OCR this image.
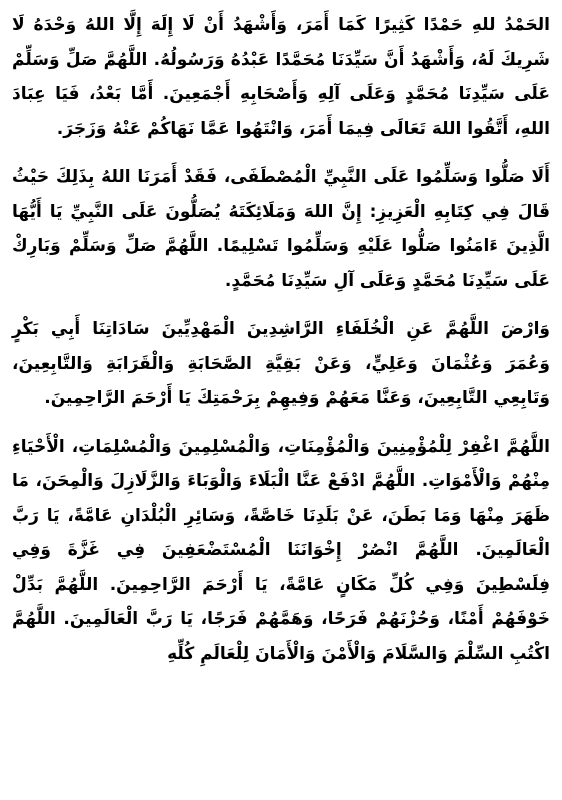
الحَمْدُ للهِ حَمْدًا كَثِيرًا كَمَا أَمَرَ، وَأَشْهَدُ أَنْ لَا إِلَهَ إِلَّا اللهُ وَحْدَهُ لَا شَرِيكَ لَهُ، وَأَشْهَدُ أَنَّ سَيِّدَنَا مُحَمَّدًا عَبْدُهُ وَرَسُولُهُ. اللَّهُمَّ صَلِّ وَسَلِّمْ عَلَى سَيِّدِنَا مُحَمَّدٍ وَعَلَى آلِهِ وَأَصْحَابِهِ أَجْمَعِينَ. أَمَّا بَعْدُ، فَيَا عِبَادَ اللهِ، أَتَّقُوا اللهَ تَعَالَى فِيمَا أَمَرَ، وَانْتَهُوا عَمَّا نَهَاكُمْ عَنْهُ وَزَجَرَ.

أَلَا صَلُّوا وَسَلِّمُوا عَلَى النَّبِيِّ الْمُصْطَفَى، فَقَدْ أَمَرَنَا اللهُ بِذَلِكَ حَيْثُ قَالَ فِي كِتَابِهِ الْعَزِيزِ: إِنَّ اللهَ وَمَلَائِكَتَهُ يُصَلُّونَ عَلَى النَّبِيِّ يَا أَيُّهَا الَّذِينَ ءَامَنُوا صَلُّوا عَلَيْهِ وَسَلِّمُوا تَسْلِيمًا. اللَّهُمَّ صَلِّ وَسَلِّمْ وَبَارِكْ عَلَى سَيِّدِنَا مُحَمَّدٍ وَعَلَى آلِ سَيِّدِنَا مُحَمَّدٍ.

وَارْضَ اللَّهُمَّ عَنِ الْخُلَفَاءِ الرَّاشِدِينَ الْمَهْدِيِّينَ سَادَاتِنَا أَبِي بَكْرٍ وَعُمَرَ وَعُثْمَانَ وَعَلِيٍّ، وَعَنْ بَقِيَّةِ الصَّحَابَةِ وَالْقَرَابَةِ وَالتَّابِعِينَ، وَتَابِعِي التَّابِعِينَ، وَعَنَّا مَعَهُمْ وَفِيهِمْ بِرَحْمَتِكَ يَا أَرْحَمَ الرَّاحِمِينَ.

اللَّهُمَّ اغْفِرْ لِلْمُؤْمِنِينَ وَالْمُؤْمِنَاتِ، وَالْمُسْلِمِينَ وَالْمُسْلِمَاتِ، الْأَحْيَاءِ مِنْهُمْ وَالْأَمْوَاتِ. اللَّهُمَّ ادْفَعْ عَنَّا الْبَلَاءَ وَالْوَبَاءَ وَالزَّلَازِلَ وَالْمِحَنَ، مَا ظَهَرَ مِنْهَا وَمَا بَطَنَ، عَنْ بَلَدِنَا خَاصَّةً، وَسَائِرِ الْبُلْدَانِ عَامَّةً، يَا رَبَّ الْعَالَمِينَ. اللَّهُمَّ انْصُرْ إِخْوَانَنَا الْمُسْتَضْعَفِينَ فِي غَزَّةَ وَفِي فِلَسْطِينَ وَفِي كُلِّ مَكَانٍ عَامَّةً، يَا أَرْحَمَ الرَّاحِمِينَ. اللَّهُمَّ بَدِّلْ خَوْفَهُمْ أَمْنًا، وَحُزْنَهُمْ فَرَحًا، وَهَمَّهُمْ فَرَجًا، يَا رَبَّ الْعَالَمِينَ. اللَّهُمَّ اكْتُبِ السِّلْمَ وَالسَّلَامَ وَالْأَمْنَ وَالْأَمَانَ لِلْعَالَمِ كُلِّهِ
